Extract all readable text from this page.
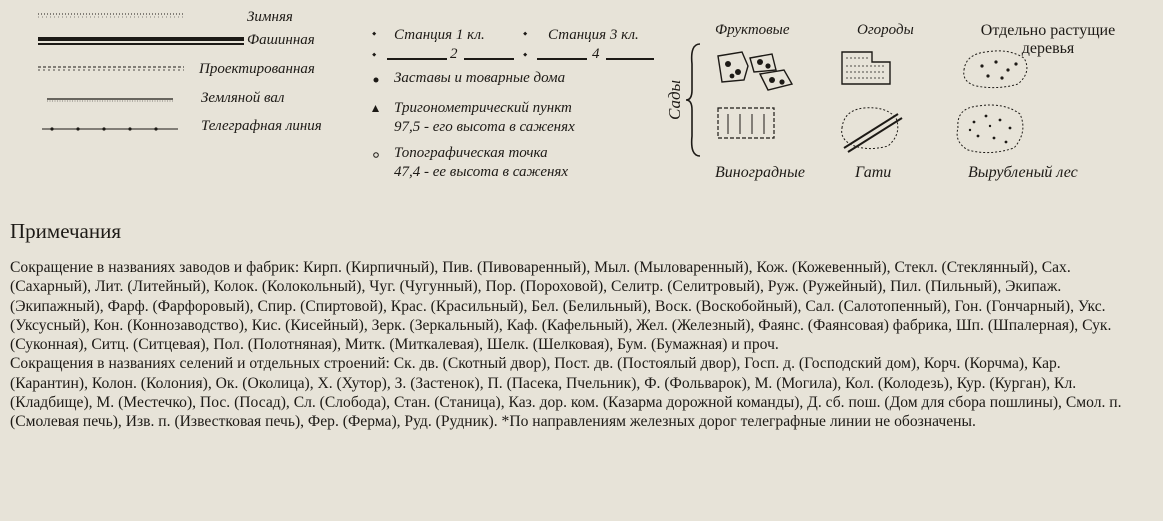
Зимняя
Фашинная
Проектированная
Земляной вал
Телеграфная линия
⬩ Станция 1 кл.	⬩ Станция 3 кл.
⬩	2	⬩	4
Заставы и товарные дома
Тригонометрический пункт
97,5 - его высота в саженях
Топографическая точка
47,4 - ее высота в саженях
Сады
Фруктовые	Огороды	Отдельно растущие деревья
Виноградные	Гати	Вырубленый лес
Примечания

Сокращение в названиях заводов и фабрик: Кирп. (Кирпичный), Пив. (Пивоваренный), Мыл. (Мыловаренный), Кож. (Кожевенный), Стекл. (Стеклянный), Сах. (Сахарный), Лит. (Литейный), Колок. (Колокольный), Чуг. (Чугунный), Пор. (Пороховой), Селитр. (Селитровый), Руж. (Ружейный), Пил. (Пильный), Экипаж. (Экипажный), Фарф. (Фарфоровый), Спир. (Спиртовой), Крас. (Красильный), Бел. (Белильный), Воск. (Воскобойный), Сал. (Салотопенный), Гон. (Гончарный), Укс. (Уксусный), Кон. (Коннозаводство), Кис. (Кисейный), Зерк. (Зеркальный), Каф. (Кафельный), Жел. (Железный), Фаянс. (Фаянсовая) фабрика, Шп. (Шпалерная), Сук. (Суконная), Ситц. (Ситцевая), Пол. (Полотняная), Митк. (Миткалевая), Шелк. (Шелковая), Бум. (Бумажная) и проч.

Сокращения в названиях селений и отдельных строений: Ск. дв. (Скотный двор), Пост. дв. (Постоялый двор), Госп. д. (Господский дом), Корч. (Корчма), Кар. (Карантин), Колон. (Колония), Ок. (Околица), Х. (Хутор), З. (Застенок), П. (Пасека, Пчельник), Ф. (Фольварок), М. (Могила), Кол. (Колодезь), Кур. (Курган), Кл. (Кладбище), М. (Местечко), Пос. (Посад), Сл. (Слобода), Стан. (Станица), Каз. дор. ком. (Казарма дорожной команды), Д. сб. пош. (Дом для сбора пошлины), Смол. п. (Смолевая печь), Изв. п. (Известковая печь), Фер. (Ферма), Руд. (Рудник). *По направлениям железных дорог телеграфные линии не обозначены.
